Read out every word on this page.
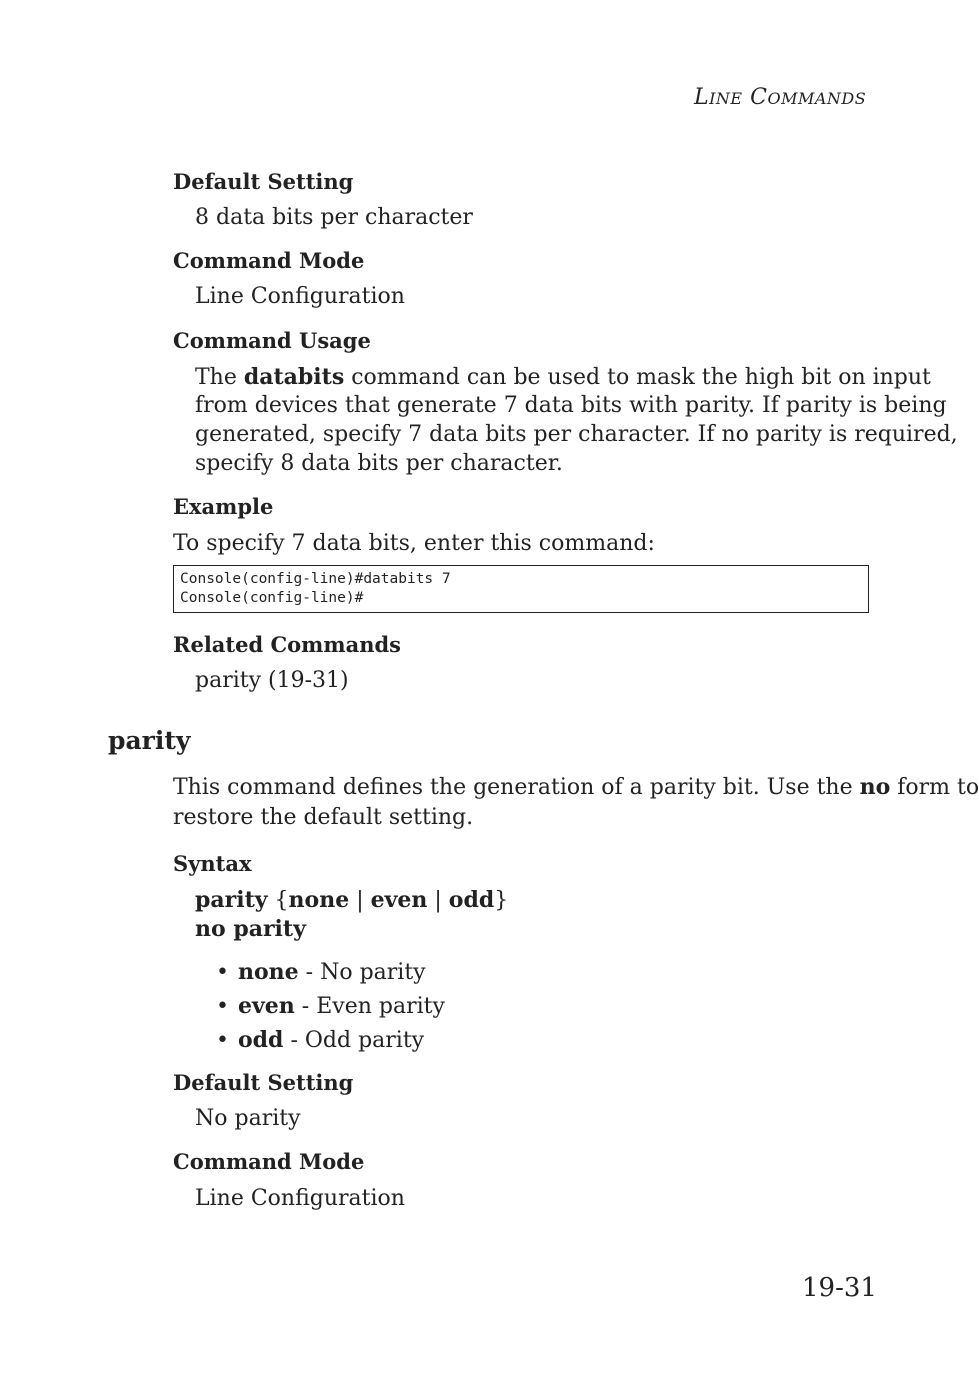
LINE COMMANDS
Default Setting
8 data bits per character
Command Mode
Line Configuration
Command Usage
The databits command can be used to mask the high bit on input
from devices that generate 7 data bits with parity. If parity is being
generated, specify 7 data bits per character. If no parity is required,
specify 8 data bits per character.
Example
To specify 7 data bits, enter this command:
Console(config-line)#databits 7
Console(config-line)#
Related Commands
parity (19-31)
parity
This command defines the generation of a parity bit. Use the no form to
restore the default setting.
Syntax
parity {none | even | odd}
no parity
• none - No parity
• even - Even parity
• odd - Odd parity
Default Setting
No parity
Command Mode
Line Configuration
19-31
